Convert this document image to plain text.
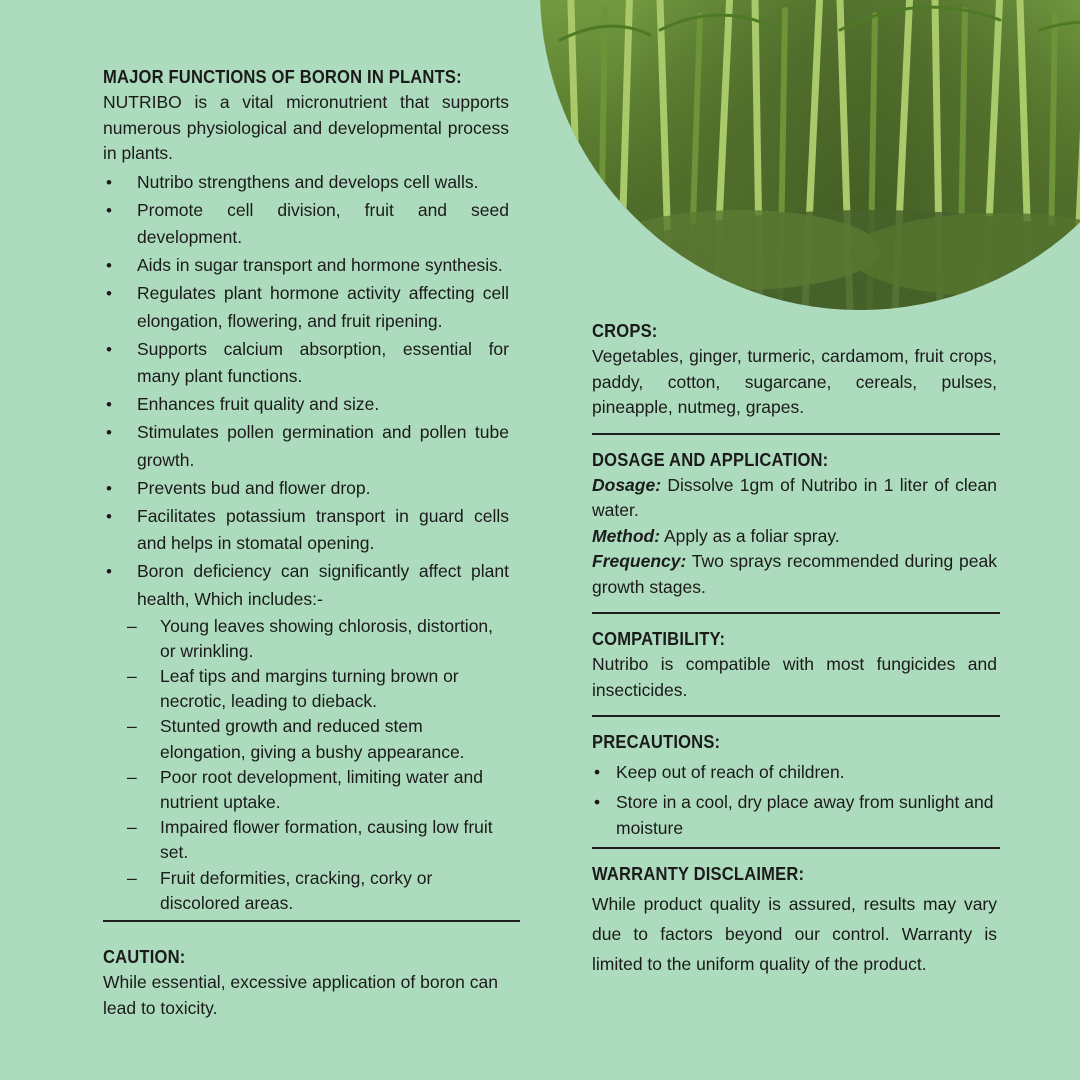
MAJOR FUNCTIONS OF BORON IN PLANTS:

NUTRIBO is a vital micronutrient that supports numerous physiological and developmental process in plants.

• Nutribo strengthens and develops cell walls.
• Promote cell division, fruit and seed development.
• Aids in sugar transport and hormone synthesis.
• Regulates plant hormone activity affecting cell elongation, flowering, and fruit ripening.
• Supports calcium absorption, essential for many plant functions.
• Enhances fruit quality and size.
• Stimulates pollen germination and pollen tube growth.
• Prevents bud and flower drop.
• Facilitates potassium transport in guard cells and helps in stomatal opening.
• Boron deficiency can significantly affect plant health, Which includes:-
– Young leaves showing chlorosis, distortion, or wrinkling.
– Leaf tips and margins turning brown or necrotic, leading to dieback.
– Stunted growth and reduced stem elongation, giving a bushy appearance.
– Poor root development, limiting water and nutrient uptake.
– Impaired flower formation, causing low fruit set.
– Fruit deformities, cracking, corky or discolored areas.
CAUTION:

While essential, excessive application of boron can lead to toxicity.

CROPS:

Vegetables, ginger, turmeric, cardamom, fruit crops, paddy, cotton, sugarcane, cereals, pulses, pineapple, nutmeg, grapes.

DOSAGE AND APPLICATION:

Dosage: Dissolve 1gm of Nutribo in 1 liter of clean water.

Method: Apply as a foliar spray.

Frequency: Two sprays recommended during peak growth stages.

COMPATIBILITY:

Nutribo is compatible with most fungicides and insecticides.

PRECAUTIONS:
• Keep out of reach of children.
• Store in a cool, dry place away from sunlight and moisture
WARRANTY DISCLAIMER:

While product quality is assured, results may vary due to factors beyond our control. Warranty is limited to the uniform quality of the product.
